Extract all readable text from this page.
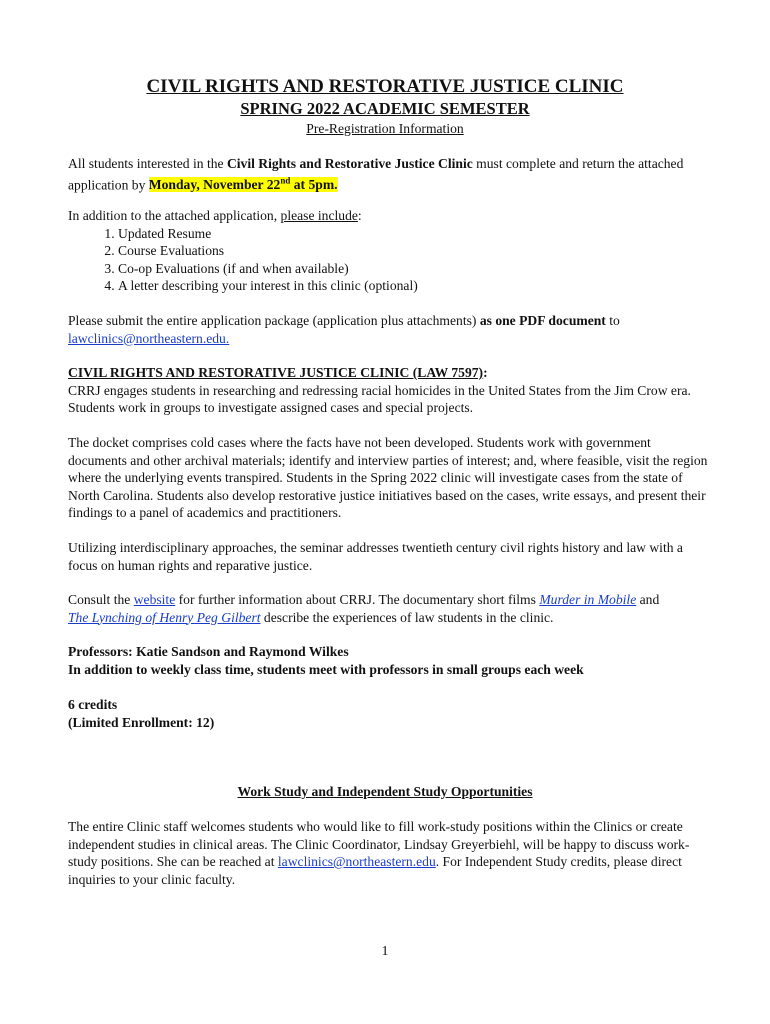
CIVIL RIGHTS AND RESTORATIVE JUSTICE CLINIC
SPRING 2022 ACADEMIC SEMESTER
Pre-Registration Information
All students interested in the Civil Rights and Restorative Justice Clinic must complete and return the attached application by Monday, November 22nd at 5pm.
In addition to the attached application, please include:
1. Updated Resume
2. Course Evaluations
3. Co-op Evaluations (if and when available)
4. A letter describing your interest in this clinic (optional)
Please submit the entire application package (application plus attachments) as one PDF document to
lawclinics@northeastern.edu.
CIVIL RIGHTS AND RESTORATIVE JUSTICE CLINIC (LAW 7597):
CRRJ engages students in researching and redressing racial homicides in the United States from the Jim Crow era. Students work in groups to investigate assigned cases and special projects.
The docket comprises cold cases where the facts have not been developed. Students work with government documents and other archival materials; identify and interview parties of interest; and, where feasible, visit the region where the underlying events transpired. Students in the Spring 2022 clinic will investigate cases from the state of North Carolina. Students also develop restorative justice initiatives based on the cases, write essays, and present their findings to a panel of academics and practitioners.
Utilizing interdisciplinary approaches, the seminar addresses twentieth century civil rights history and law with a focus on human rights and reparative justice.
Consult the website for further information about CRRJ. The documentary short films Murder in Mobile and
The Lynching of Henry Peg Gilbert describe the experiences of law students in the clinic.
Professors: Katie Sandson and Raymond Wilkes
In addition to weekly class time, students meet with professors in small groups each week
6 credits
(Limited Enrollment: 12)
Work Study and Independent Study Opportunities
The entire Clinic staff welcomes students who would like to fill work-study positions within the Clinics or create independent studies in clinical areas. The Clinic Coordinator, Lindsay Greyerbiehl, will be happy to discuss work-study positions. She can be reached at lawclinics@northeastern.edu. For Independent Study credits, please direct inquiries to your clinic faculty.
1
